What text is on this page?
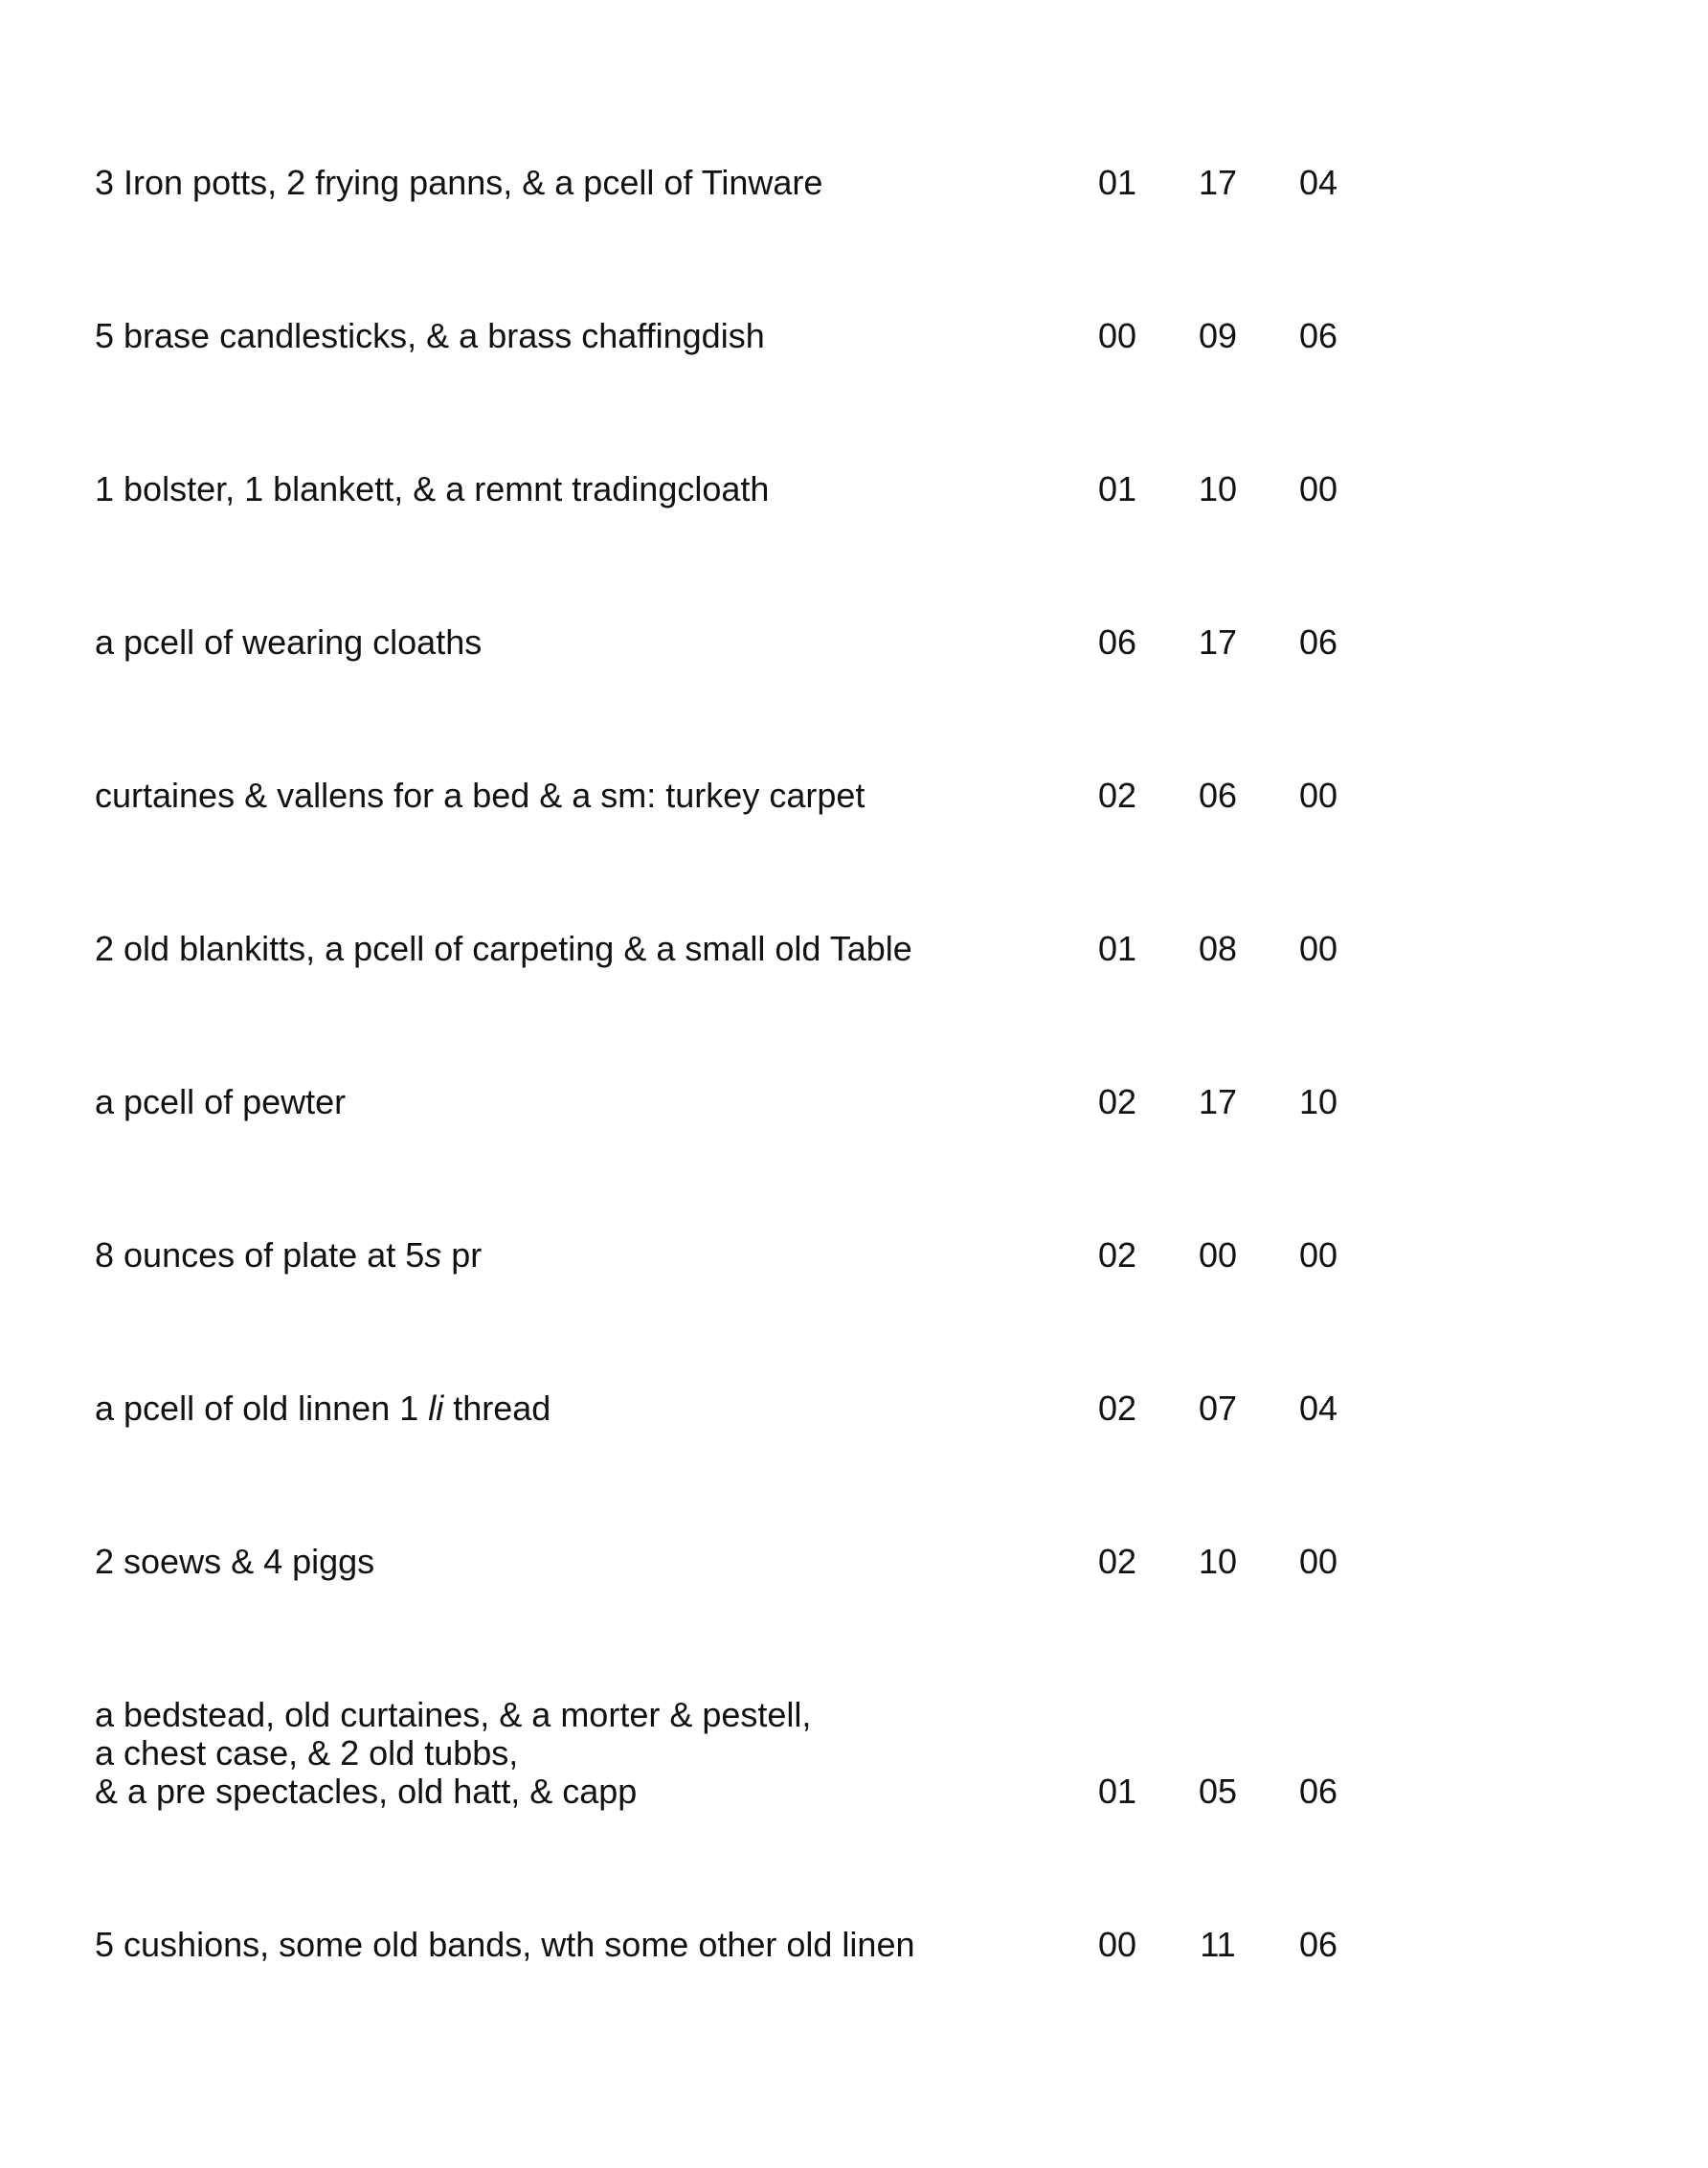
3 Iron potts, 2 frying panns, & a pcell of Tinware	01 17 04
5 brase candlesticks, & a brass chaffingdish	00 09 06
1 bolster, 1 blankett, & a remnt tradingcloath	01 10 00
a pcell of wearing cloaths	06 17 06
curtaines & vallens for a bed & a sm: turkey carpet	02 06 00
2 old blankitts, a pcell of carpeting & a small old Table	01 08 00
a pcell of pewter	02 17 10
8 ounces of plate at 5s pr	02 00 00
a pcell of old linnen 1 li thread	02 07 04
2 soews & 4 piggs	02 10 00
a bedstead, old curtaines, & a morter & pestell,
a chest case, & 2 old tubbs,
& a pre spectacles, old hatt, & capp	01 05 06
5 cushions, some old bands, wth some other old linen	00	11	06
